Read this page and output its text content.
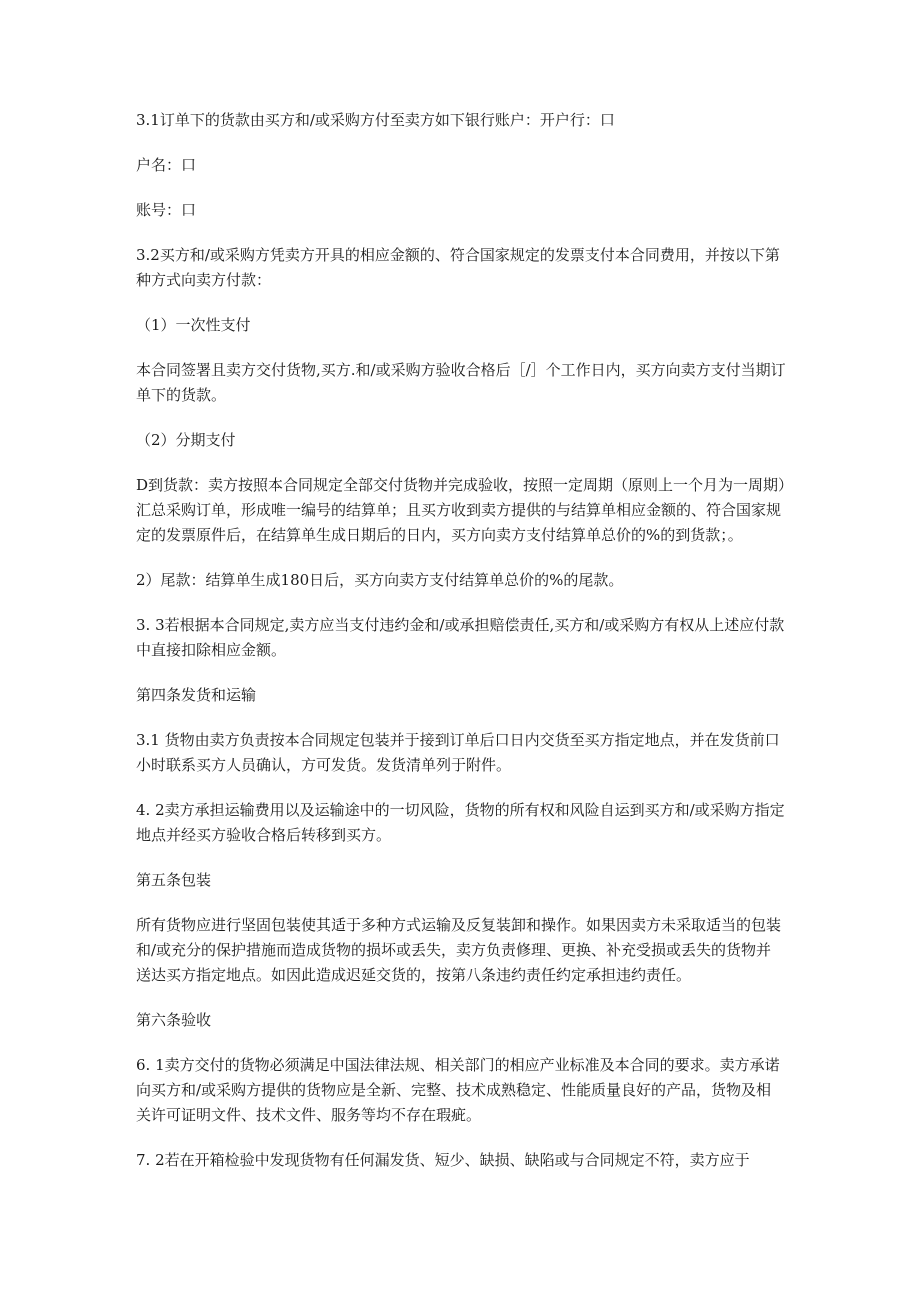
3.1订单下的货款由买方和/或采购方付至卖方如下银行账户：开户行：口

户名：口

账号：口

3.2买方和/或采购方凭卖方开具的相应金额的、符合国家规定的发票支付本合同费用，并按以下第种方式向卖方付款：

（1）一次性支付

本合同签署且卖方交付货物,买方.和/或采购方验收合格后［/］个工作日内，买方向卖方支付当期订单下的货款。

（2）分期支付

D到货款：卖方按照本合同规定全部交付货物并完成验收，按照一定周期（原则上一个月为一周期）汇总采购订单，形成唯一编号的结算单；且买方收到卖方提供的与结算单相应金额的、符合国家规定的发票原件后，在结算单生成日期后的日内，买方向卖方支付结算单总价的%的到货款；。

2）尾款：结算单生成180日后，买方向卖方支付结算单总价的%的尾款。

3. 3若根据本合同规定,卖方应当支付违约金和/或承担赔偿责任,买方和/或采购方有权从上述应付款中直接扣除相应金额。

第四条发货和运输

3.1 货物由卖方负责按本合同规定包装并于接到订单后口日内交货至买方指定地点，并在发货前口小时联系买方人员确认，方可发货。发货清单列于附件。

4. 2卖方承担运输费用以及运输途中的一切风险，货物的所有权和风险自运到买方和/或采购方指定地点并经买方验收合格后转移到买方。

第五条包装

所有货物应进行坚固包装使其适于多种方式运输及反复装卸和操作。如果因卖方未采取适当的包装和/或充分的保护措施而造成货物的损坏或丢失，卖方负责修理、更换、补充受损或丢失的货物并送达买方指定地点。如因此造成迟延交货的，按第八条违约责任约定承担违约责任。

第六条验收

6. 1卖方交付的货物必须满足中国法律法规、相关部门的相应产业标准及本合同的要求。卖方承诺向买方和/或采购方提供的货物应是全新、完整、技术成熟稳定、性能质量良好的产品，货物及相关许可证明文件、技术文件、服务等均不存在瑕疵。

7. 2若在开箱检验中发现货物有任何漏发货、短少、缺损、缺陷或与合同规定不符，卖方应于
